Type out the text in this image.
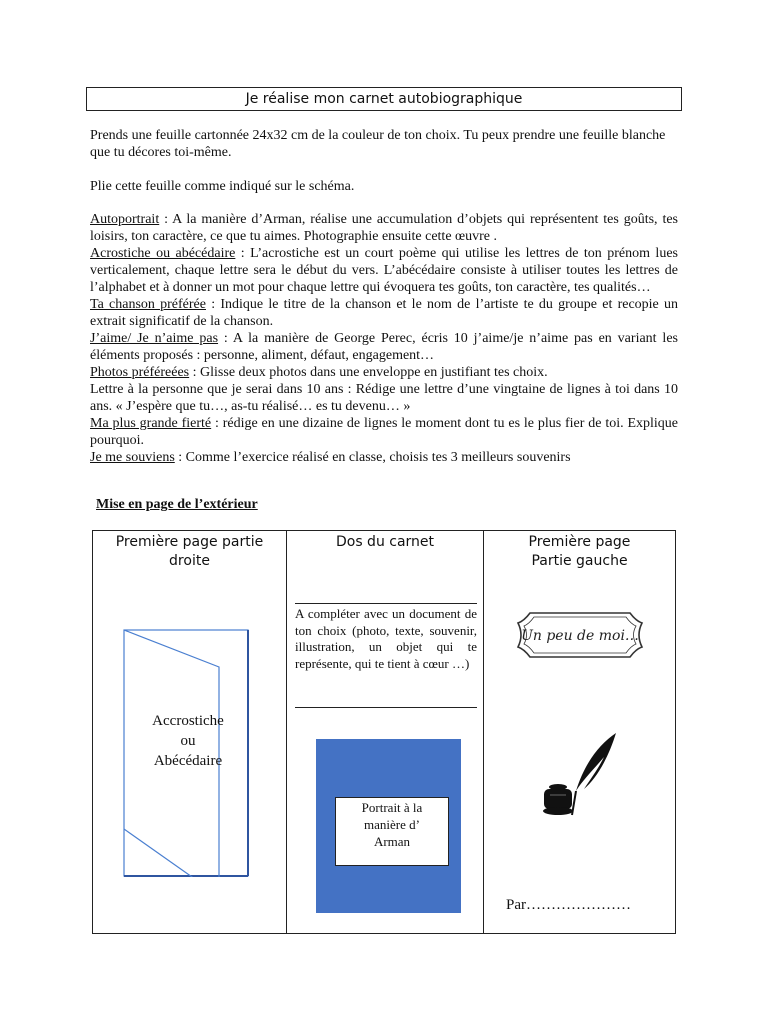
Je réalise mon carnet autobiographique
Prends une feuille cartonnée 24x32 cm de la couleur de ton choix. Tu peux prendre une feuille blanche que tu décores toi-même.
Plie cette feuille comme indiqué sur le schéma.

Autoportrait : A la manière d’Arman, réalise une accumulation d’objets qui représentent tes goûts, tes loisirs, ton caractère, ce que tu aimes. Photographie ensuite cette œuvre .

Acrostiche ou abécédaire : L’acrostiche est un court poème qui utilise les lettres de ton prénom lues verticalement, chaque lettre sera le début du vers. L’abécédaire consiste à utiliser toutes les lettres de l’alphabet et à donner un mot pour chaque lettre qui évoquera tes goûts, ton caractère, tes qualités…

Ta chanson préférée : Indique le titre de la chanson et le nom de l’artiste te du groupe et recopie un extrait significatif de la chanson.

J’aime/ Je n’aime pas : A la manière de George Perec, écris 10 j’aime/je n’aime pas en variant les éléments proposés : personne, aliment, défaut, engagement…

Photos préféreées : Glisse deux photos dans une enveloppe en justifiant tes choix.

Lettre à la personne que je serai dans 10 ans : Rédige une lettre d’une vingtaine de lignes à toi dans 10 ans. « J’espère que tu…, as-tu réalisé… es tu devenu… »

Ma plus grande fierté : rédige en une dizaine de lignes le moment dont tu es le plus fier de toi. Explique pourquoi.

Je me souviens : Comme l’exercice réalisé en classe, choisis tes 3 meilleurs souvenirs

Mise en page de l’extérieur
Première page partie
droite
Accrostiche
ou
Abécédaire

Dos du carnet
A compléter avec un document de ton choix (photo, texte, souvenir, illustration, un objet qui te représente, qui te tient à cœur …)
Portrait à la
manière d’
Arman

Première page
Partie gauche
Un peu de moi…
Par…………………
